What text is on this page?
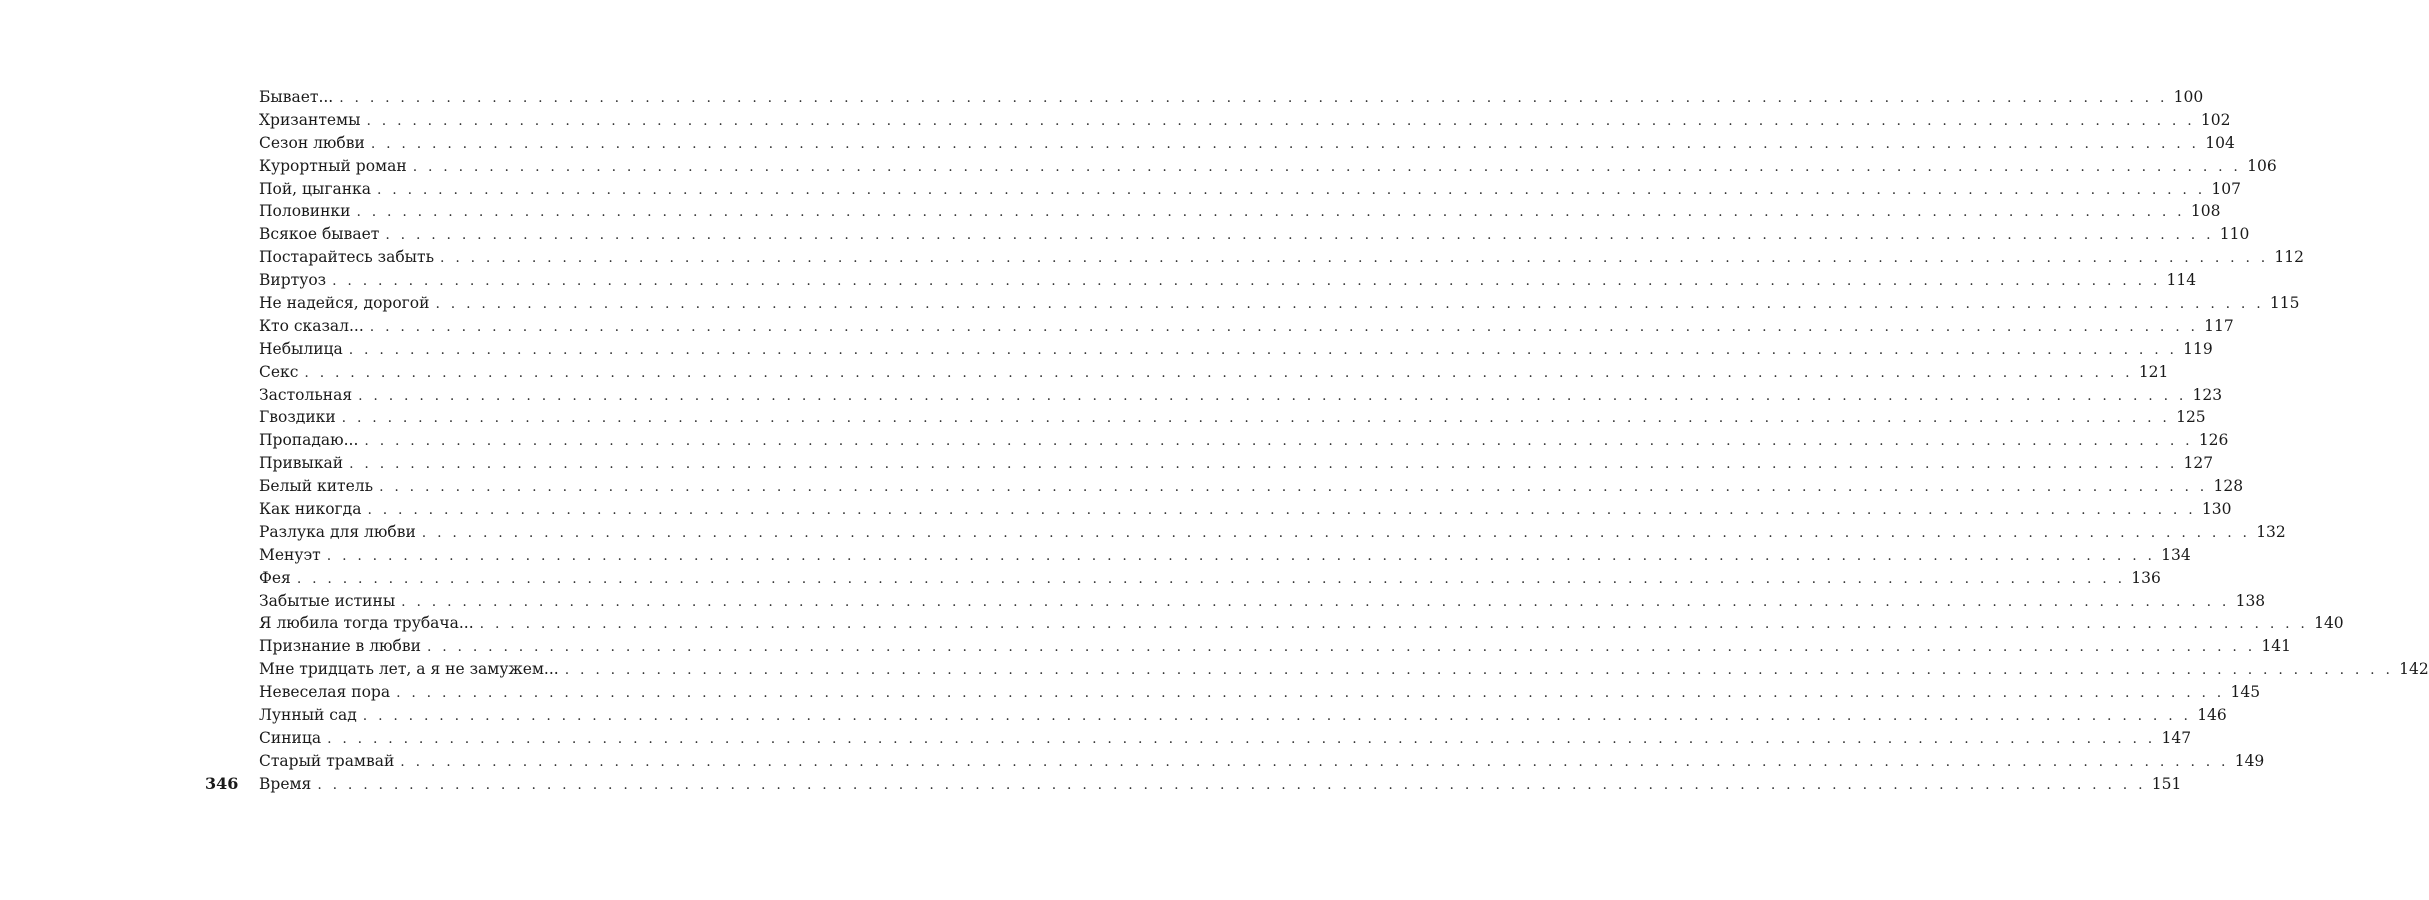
Бывает... . . . . . . . . . . . . . . . . . . . . . . . . . . . . . . . . . . . . . . . . . . . . . . . . . . . . . . . . . . . . . . . . . . . . . . . . . . . . . . . . . . . . . . . . . . . . . . . . . . . . . . . . . . . . . . . . . . . . . . . . 100
Хризантемы . . . . . . . . . . . . . . . . . . . . . . . . . . . . . . . . . . . . . . . . . . . . . . . . . . . . . . . . . . . . . . . . . . . . . . . . . . . . . . . . . . . . . . . . . . . . . . . . . . . . . . . . . . . . . . . . . . . . . . . . 102
Сезон любви . . . . . . . . . . . . . . . . . . . . . . . . . . . . . . . . . . . . . . . . . . . . . . . . . . . . . . . . . . . . . . . . . . . . . . . . . . . . . . . . . . . . . . . . . . . . . . . . . . . . . . . . . . . . . . . . . . . . . . . . 104
Курортный роман . . . . . . . . . . . . . . . . . . . . . . . . . . . . . . . . . . . . . . . . . . . . . . . . . . . . . . . . . . . . . . . . . . . . . . . . . . . . . . . . . . . . . . . . . . . . . . . . . . . . . . . . . . . . . . . . . . . . . . . . 106
Пой, цыганка . . . . . . . . . . . . . . . . . . . . . . . . . . . . . . . . . . . . . . . . . . . . . . . . . . . . . . . . . . . . . . . . . . . . . . . . . . . . . . . . . . . . . . . . . . . . . . . . . . . . . . . . . . . . . . . . . . . . . . . . 107
Половинки . . . . . . . . . . . . . . . . . . . . . . . . . . . . . . . . . . . . . . . . . . . . . . . . . . . . . . . . . . . . . . . . . . . . . . . . . . . . . . . . . . . . . . . . . . . . . . . . . . . . . . . . . . . . . . . . . . . . . . . . 108
Всякое бывает . . . . . . . . . . . . . . . . . . . . . . . . . . . . . . . . . . . . . . . . . . . . . . . . . . . . . . . . . . . . . . . . . . . . . . . . . . . . . . . . . . . . . . . . . . . . . . . . . . . . . . . . . . . . . . . . . . . . . . . . 110
Постарайтесь забыть . . . . . . . . . . . . . . . . . . . . . . . . . . . . . . . . . . . . . . . . . . . . . . . . . . . . . . . . . . . . . . . . . . . . . . . . . . . . . . . . . . . . . . . . . . . . . . . . . . . . . . . . . . . . . . . . . . . . . . . . 112
Виртуоз . . . . . . . . . . . . . . . . . . . . . . . . . . . . . . . . . . . . . . . . . . . . . . . . . . . . . . . . . . . . . . . . . . . . . . . . . . . . . . . . . . . . . . . . . . . . . . . . . . . . . . . . . . . . . . . . . . . . . . . . 114
Не надейся, дорогой . . . . . . . . . . . . . . . . . . . . . . . . . . . . . . . . . . . . . . . . . . . . . . . . . . . . . . . . . . . . . . . . . . . . . . . . . . . . . . . . . . . . . . . . . . . . . . . . . . . . . . . . . . . . . . . . . . . . . . . . 115
Кто сказал... . . . . . . . . . . . . . . . . . . . . . . . . . . . . . . . . . . . . . . . . . . . . . . . . . . . . . . . . . . . . . . . . . . . . . . . . . . . . . . . . . . . . . . . . . . . . . . . . . . . . . . . . . . . . . . . . . . . . . . . . 117
Небылица . . . . . . . . . . . . . . . . . . . . . . . . . . . . . . . . . . . . . . . . . . . . . . . . . . . . . . . . . . . . . . . . . . . . . . . . . . . . . . . . . . . . . . . . . . . . . . . . . . . . . . . . . . . . . . . . . . . . . . . . 119
Секс . . . . . . . . . . . . . . . . . . . . . . . . . . . . . . . . . . . . . . . . . . . . . . . . . . . . . . . . . . . . . . . . . . . . . . . . . . . . . . . . . . . . . . . . . . . . . . . . . . . . . . . . . . . . . . . . . . . . . . . . 121
Застольная . . . . . . . . . . . . . . . . . . . . . . . . . . . . . . . . . . . . . . . . . . . . . . . . . . . . . . . . . . . . . . . . . . . . . . . . . . . . . . . . . . . . . . . . . . . . . . . . . . . . . . . . . . . . . . . . . . . . . . . . 123
Гвоздики . . . . . . . . . . . . . . . . . . . . . . . . . . . . . . . . . . . . . . . . . . . . . . . . . . . . . . . . . . . . . . . . . . . . . . . . . . . . . . . . . . . . . . . . . . . . . . . . . . . . . . . . . . . . . . . . . . . . . . . . 125
Пропадаю... . . . . . . . . . . . . . . . . . . . . . . . . . . . . . . . . . . . . . . . . . . . . . . . . . . . . . . . . . . . . . . . . . . . . . . . . . . . . . . . . . . . . . . . . . . . . . . . . . . . . . . . . . . . . . . . . . . . . . . . . 126
Привыкай . . . . . . . . . . . . . . . . . . . . . . . . . . . . . . . . . . . . . . . . . . . . . . . . . . . . . . . . . . . . . . . . . . . . . . . . . . . . . . . . . . . . . . . . . . . . . . . . . . . . . . . . . . . . . . . . . . . . . . . . 127
Белый китель . . . . . . . . . . . . . . . . . . . . . . . . . . . . . . . . . . . . . . . . . . . . . . . . . . . . . . . . . . . . . . . . . . . . . . . . . . . . . . . . . . . . . . . . . . . . . . . . . . . . . . . . . . . . . . . . . . . . . . . . 128
Как никогда . . . . . . . . . . . . . . . . . . . . . . . . . . . . . . . . . . . . . . . . . . . . . . . . . . . . . . . . . . . . . . . . . . . . . . . . . . . . . . . . . . . . . . . . . . . . . . . . . . . . . . . . . . . . . . . . . . . . . . . . 130
Разлука для любви . . . . . . . . . . . . . . . . . . . . . . . . . . . . . . . . . . . . . . . . . . . . . . . . . . . . . . . . . . . . . . . . . . . . . . . . . . . . . . . . . . . . . . . . . . . . . . . . . . . . . . . . . . . . . . . . . . . . . . . . 132
Менуэт . . . . . . . . . . . . . . . . . . . . . . . . . . . . . . . . . . . . . . . . . . . . . . . . . . . . . . . . . . . . . . . . . . . . . . . . . . . . . . . . . . . . . . . . . . . . . . . . . . . . . . . . . . . . . . . . . . . . . . . . 134
Фея . . . . . . . . . . . . . . . . . . . . . . . . . . . . . . . . . . . . . . . . . . . . . . . . . . . . . . . . . . . . . . . . . . . . . . . . . . . . . . . . . . . . . . . . . . . . . . . . . . . . . . . . . . . . . . . . . . . . . . . . 136
Забытые истины . . . . . . . . . . . . . . . . . . . . . . . . . . . . . . . . . . . . . . . . . . . . . . . . . . . . . . . . . . . . . . . . . . . . . . . . . . . . . . . . . . . . . . . . . . . . . . . . . . . . . . . . . . . . . . . . . . . . . . . . 138
Я любила тогда трубача... . . . . . . . . . . . . . . . . . . . . . . . . . . . . . . . . . . . . . . . . . . . . . . . . . . . . . . . . . . . . . . . . . . . . . . . . . . . . . . . . . . . . . . . . . . . . . . . . . . . . . . . . . . . . . . . . . . . . . . . . 140
Признание в любви . . . . . . . . . . . . . . . . . . . . . . . . . . . . . . . . . . . . . . . . . . . . . . . . . . . . . . . . . . . . . . . . . . . . . . . . . . . . . . . . . . . . . . . . . . . . . . . . . . . . . . . . . . . . . . . . . . . . . . . . 141
Мне тридцать лет, а я не замужем... . . . . . . . . . . . . . . . . . . . . . . . . . . . . . . . . . . . . . . . . . . . . . . . . . . . . . . . . . . . . . . . . . . . . . . . . . . . . . . . . . . . . . . . . . . . . . . . . . . . . . . . . . . . . . . . . . . . . . . . . 142
Невеселая пора . . . . . . . . . . . . . . . . . . . . . . . . . . . . . . . . . . . . . . . . . . . . . . . . . . . . . . . . . . . . . . . . . . . . . . . . . . . . . . . . . . . . . . . . . . . . . . . . . . . . . . . . . . . . . . . . . . . . . . . . 145
Лунный сад . . . . . . . . . . . . . . . . . . . . . . . . . . . . . . . . . . . . . . . . . . . . . . . . . . . . . . . . . . . . . . . . . . . . . . . . . . . . . . . . . . . . . . . . . . . . . . . . . . . . . . . . . . . . . . . . . . . . . . . . 146
Синица . . . . . . . . . . . . . . . . . . . . . . . . . . . . . . . . . . . . . . . . . . . . . . . . . . . . . . . . . . . . . . . . . . . . . . . . . . . . . . . . . . . . . . . . . . . . . . . . . . . . . . . . . . . . . . . . . . . . . . . . 147
Старый трамвай . . . . . . . . . . . . . . . . . . . . . . . . . . . . . . . . . . . . . . . . . . . . . . . . . . . . . . . . . . . . . . . . . . . . . . . . . . . . . . . . . . . . . . . . . . . . . . . . . . . . . . . . . . . . . . . . . . . . . . . . 149
Время . . . . . . . . . . . . . . . . . . . . . . . . . . . . . . . . . . . . . . . . . . . . . . . . . . . . . . . . . . . . . . . . . . . . . . . . . . . . . . . . . . . . . . . . . . . . . . . . . . . . . . . . . . . . . . . . . . . . . . . . 151
346
